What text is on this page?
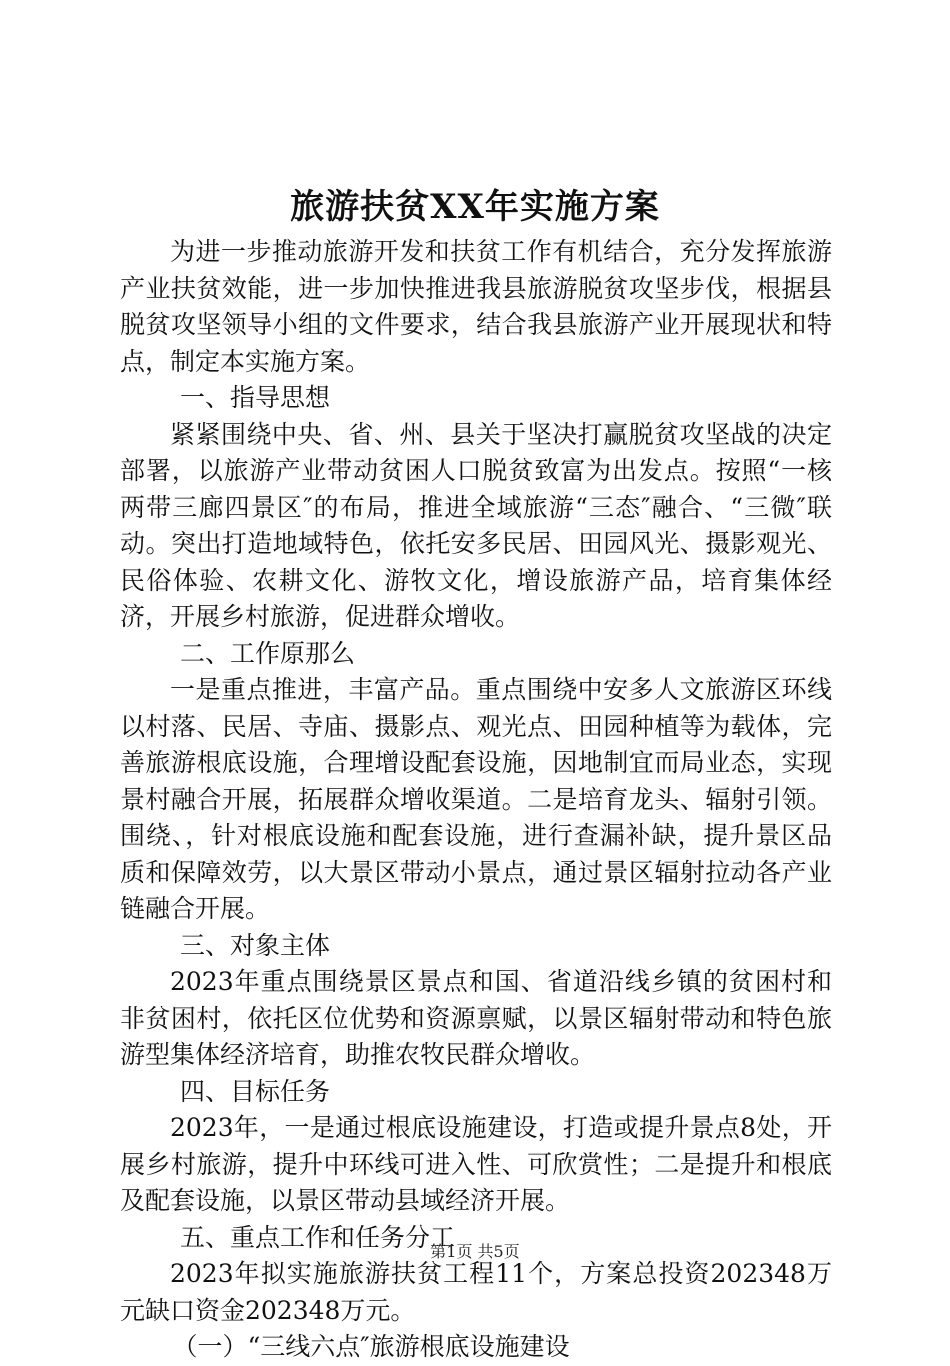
旅游扶贫XX年实施方案

为进一步推动旅游开发和扶贫工作有机结合，充分发挥旅游产业扶贫效能，进一步加快推进我县旅游脱贫攻坚步伐，根据县脱贫攻坚领导小组的文件要求，结合我县旅游产业开展现状和特点，制定本实施方案。

一、指导思想

紧紧围绕中央、省、州、县关于坚决打赢脱贫攻坚战的决定部署，以旅游产业带动贫困人口脱贫致富为出发点。按照“一核两带三廊四景区″的布局，推进全域旅游“三态″融合、“三微″联动。突出打造地域特色，依托安多民居、田园风光、摄影观光、民俗体验、农耕文化、游牧文化，增设旅游产品，培育集体经济，开展乡村旅游，促进群众增收。

二、工作原那么

一是重点推进，丰富产品。重点围绕中安多人文旅游区环线以村落、民居、寺庙、摄影点、观光点、田园种植等为载体，完善旅游根底设施，合理增设配套设施，因地制宜而局业态，实现景村融合开展，拓展群众增收渠道。二是培育龙头、辐射引领。围绕、，针对根底设施和配套设施，进行查漏补缺，提升景区品质和保障效劳，以大景区带动小景点，通过景区辐射拉动各产业链融合开展。

三、对象主体

2023年重点围绕景区景点和国、省道沿线乡镇的贫困村和非贫困村，依托区位优势和资源禀赋，以景区辐射带动和特色旅游型集体经济培育，助推农牧民群众增收。

四、目标任务

2023年，一是通过根底设施建设，打造或提升景点8处，开展乡村旅游，提升中环线可进入性、可欣赏性；二是提升和根底及配套设施，以景区带动县域经济开展。

五、重点工作和任务分工

2023年拟实施旅游扶贫工程11个，方案总投资202348万元缺口资金202348万元。

（一）“三线六点″旅游根底设施建设

第1页 共5页
